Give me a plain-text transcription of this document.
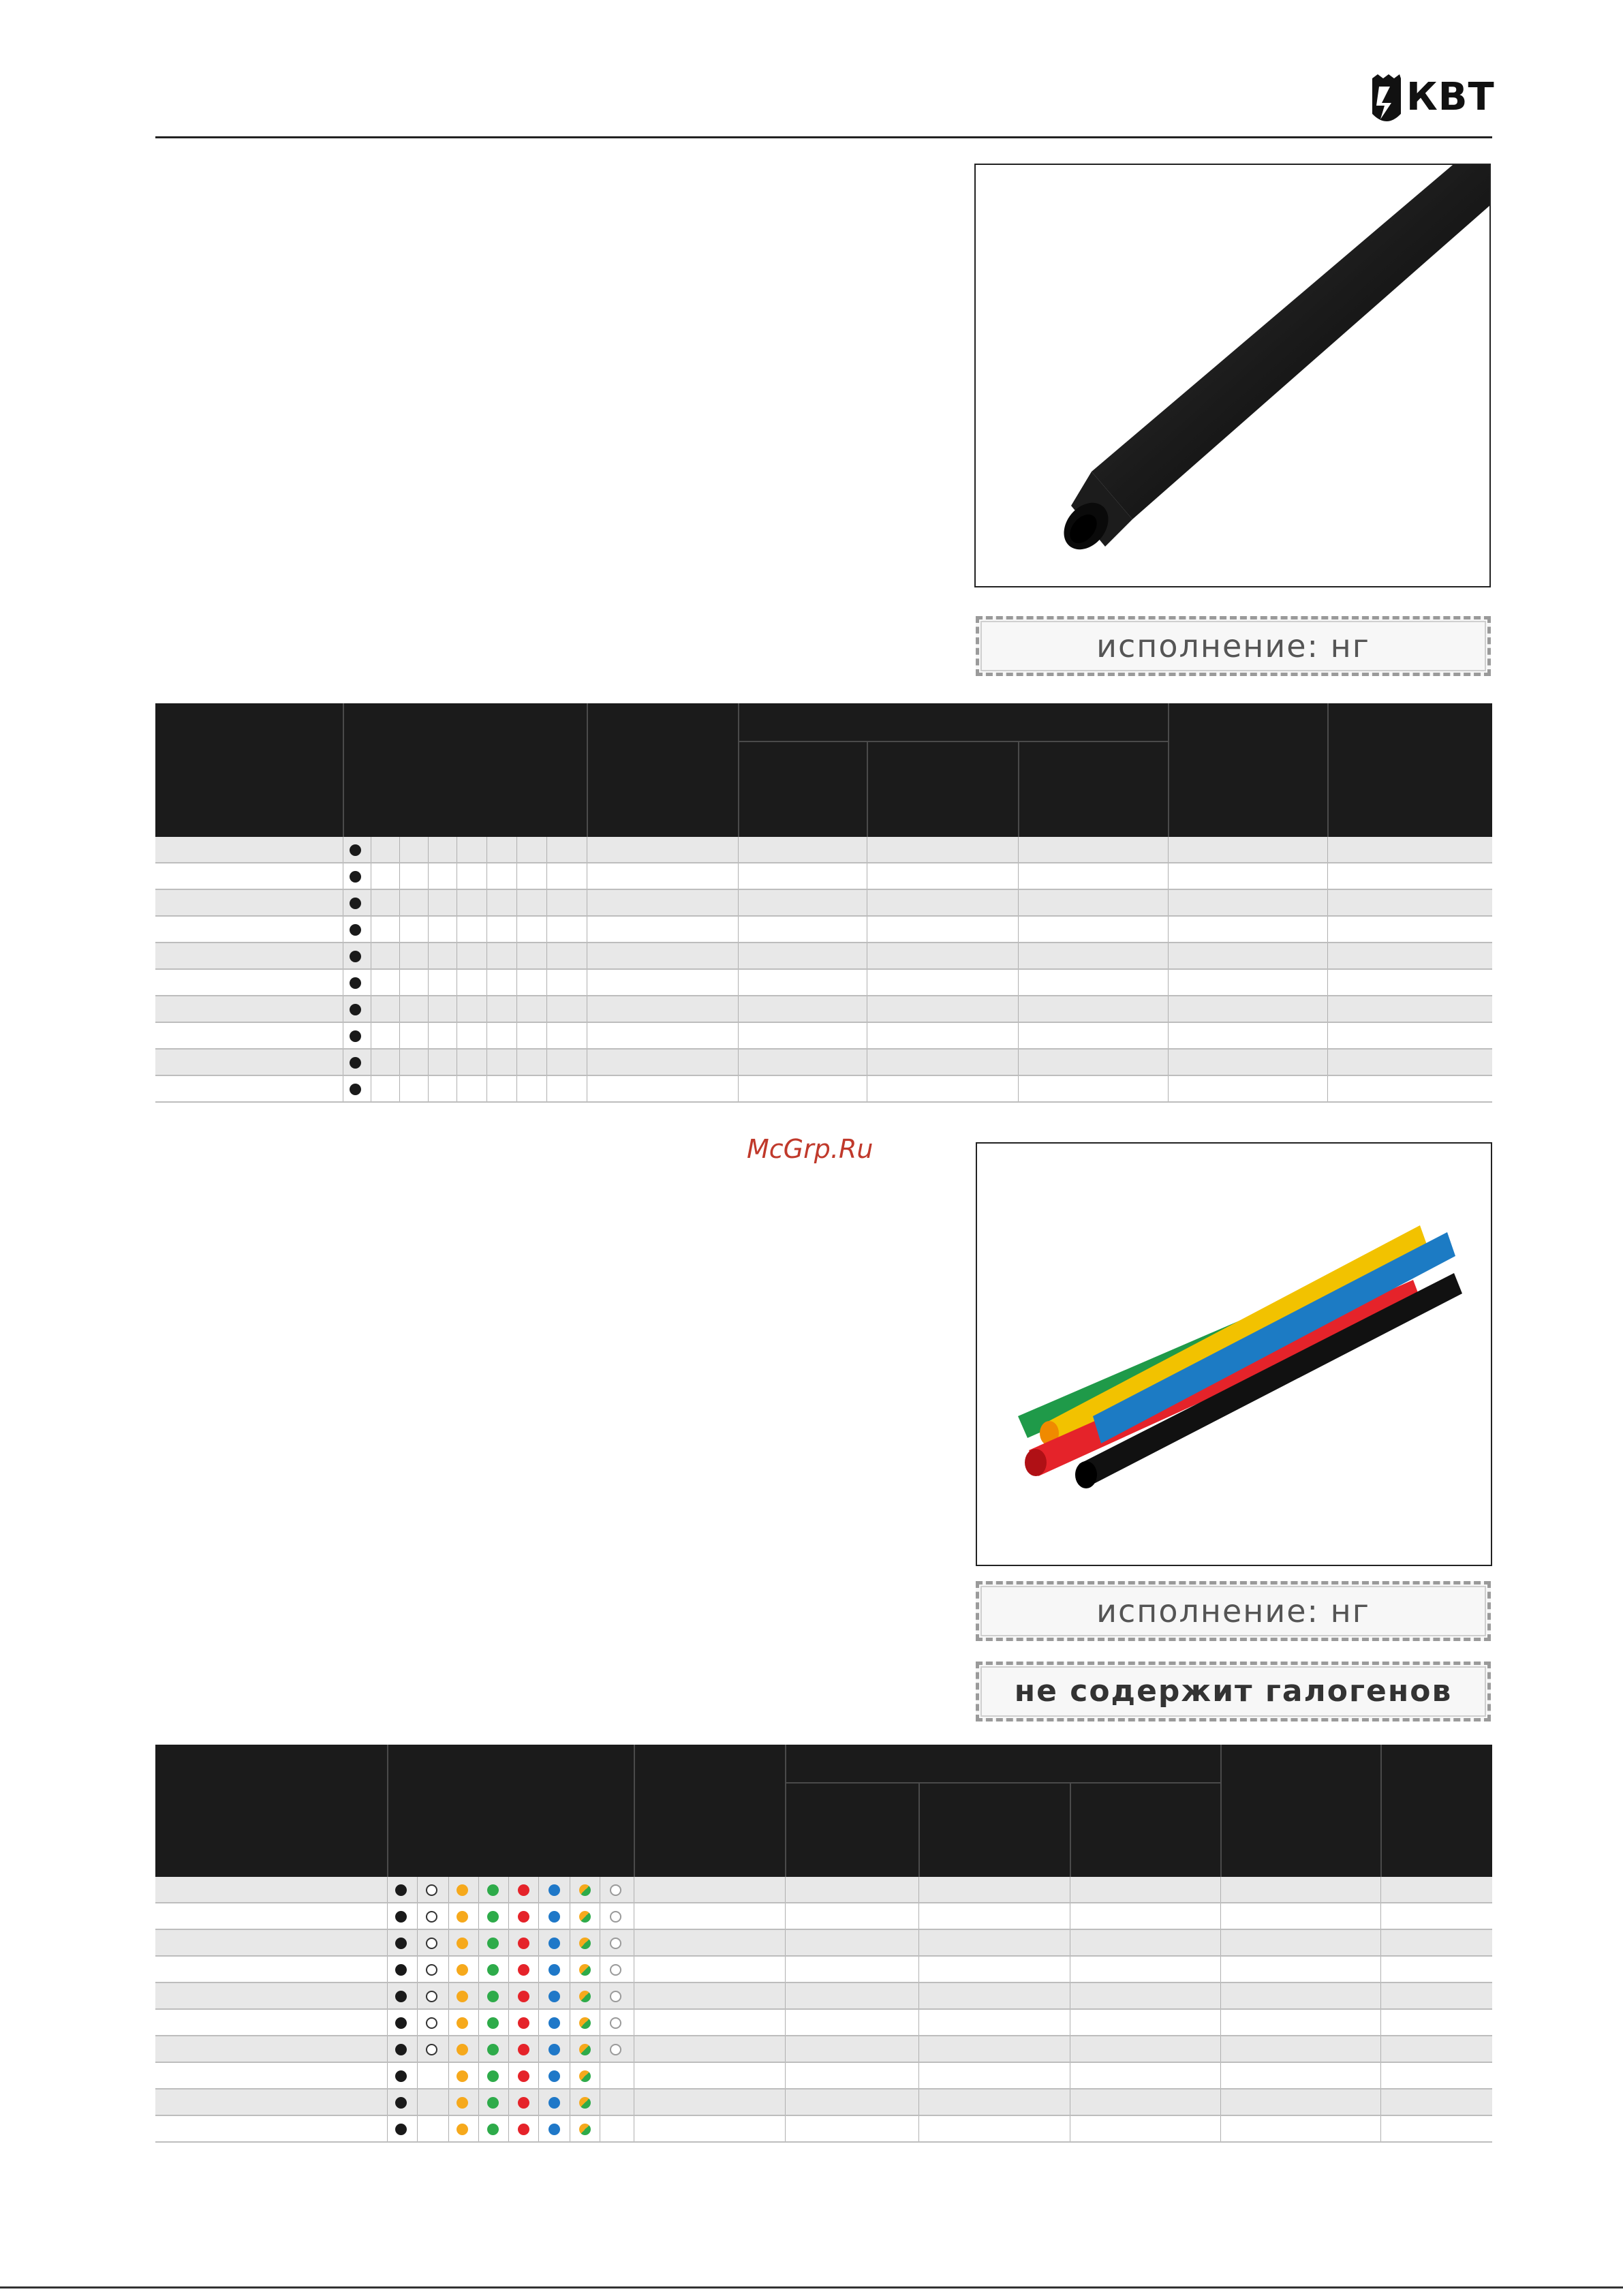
КВТ
исполнение: нг
McGrp.Ru
исполнение: нг
не содержит галогенов
